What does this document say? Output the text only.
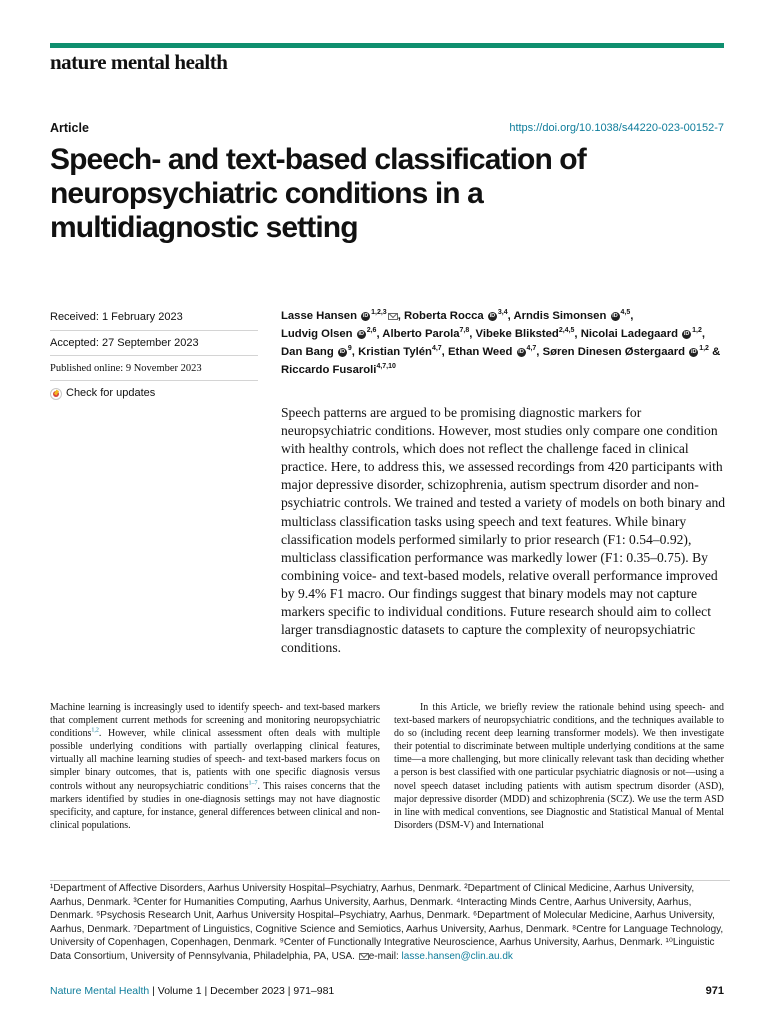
nature mental health
Article	https://doi.org/10.1038/s44220-023-00152-7
Speech- and text-based classification of neuropsychiatric conditions in a multidiagnostic setting
Received: 1 February 2023
Accepted: 27 September 2023
Published online: 9 November 2023
Check for updates
Lasse Hansen iD $^{1,2,3}$ , Roberta Rocca iD $^{3,4}$, Arndis Simonsen iD $^{4,5}$, Ludvig Olsen iD $^{2,6}$, Alberto Parola$^{7,8}$, Vibeke Bliksted$^{2,4,5}$, Nicolai Ladegaard iD $^{1,2}$, Dan Bang iD $^9$, Kristian Tylén$^{4,7}$, Ethan Weed iD $^{4,7}$, Søren Dinesen Østergaard iD $^{1,2}$ & Riccardo Fusaroli$^{4,7,10}$

Speech patterns are argued to be promising diagnostic markers for neuropsychiatric conditions. However, most studies only compare one condition with healthy controls, which does not reflect the challenge faced in clinical practice. Here, to address this, we assessed recordings from 420 participants with major depressive disorder, schizophrenia, autism spectrum disorder and non-psychiatric controls. We trained and tested a variety of models on both binary and multiclass classification tasks using speech and text features. While binary classification models performed similarly to prior research (F1: 0.54–0.92), multiclass classification performance was markedly lower (F1: 0.35–0.75). By combining voice- and text-based models, relative overall performance improved by 9.4% F1 macro. Our findings suggest that binary models may not capture markers specific to individual conditions. Future research should aim to collect larger transdiagnostic datasets to capture the complexity of neuropsychiatric conditions.

Machine learning is increasingly used to identify speech- and text-based markers that complement current methods for screening and monitoring neuropsychiatric conditions$^{1,2}$. However, while clinical assessment often deals with multiple possible underlying conditions with partially overlapping clinical features, virtually all machine learning studies of speech- and text-based markers focus on simpler binary outcomes, that is, patients with one specific diagnosis versus controls without any neuropsychiatric conditions$^{1-7}$. This raises concerns that the markers identified by studies in one-diagnosis settings may not have diagnostic specificity, and capture, for instance, general differences between clinical and non-clinical populations.
In this Article, we briefly review the rationale behind using speech- and text-based markers of neuropsychiatric conditions, and the techniques available to do so (including recent deep learning transformer models). We then investigate their potential to discriminate between multiple underlying conditions at the same time—a more challenging, but more clinically relevant task than deciding whether a person is best classified with one particular psychiatric diagnosis or not—using a novel speech dataset including patients with autism spectrum disorder (ASD), major depressive disorder (MDD) and schizophrenia (SCZ). We use the term ASD in line with medical conventions, see Diagnostic and Statistical Manual of Mental Disorders (DSM-V) and International
¹Department of Affective Disorders, Aarhus University Hospital–Psychiatry, Aarhus, Denmark. ²Department of Clinical Medicine, Aarhus University, Aarhus, Denmark. ³Center for Humanities Computing, Aarhus University, Aarhus, Denmark. ⁴Interacting Minds Centre, Aarhus University, Aarhus, Denmark. ⁵Psychosis Research Unit, Aarhus University Hospital–Psychiatry, Aarhus, Denmark. ⁶Department of Molecular Medicine, Aarhus University, Aarhus, Denmark. ⁷Department of Linguistics, Cognitive Science and Semiotics, Aarhus University, Aarhus, Denmark. ⁸Centre for Language Technology, University of Copenhagen, Copenhagen, Denmark. ⁹Center of Functionally Integrative Neuroscience, Aarhus University, Aarhus, Denmark. ¹⁰Linguistic Data Consortium, University of Pennsylvania, Philadelphia, PA, USA. e-mail: lasse.hansen@clin.au.dk
Nature Mental Health | Volume 1 | December 2023 | 971–981	971
